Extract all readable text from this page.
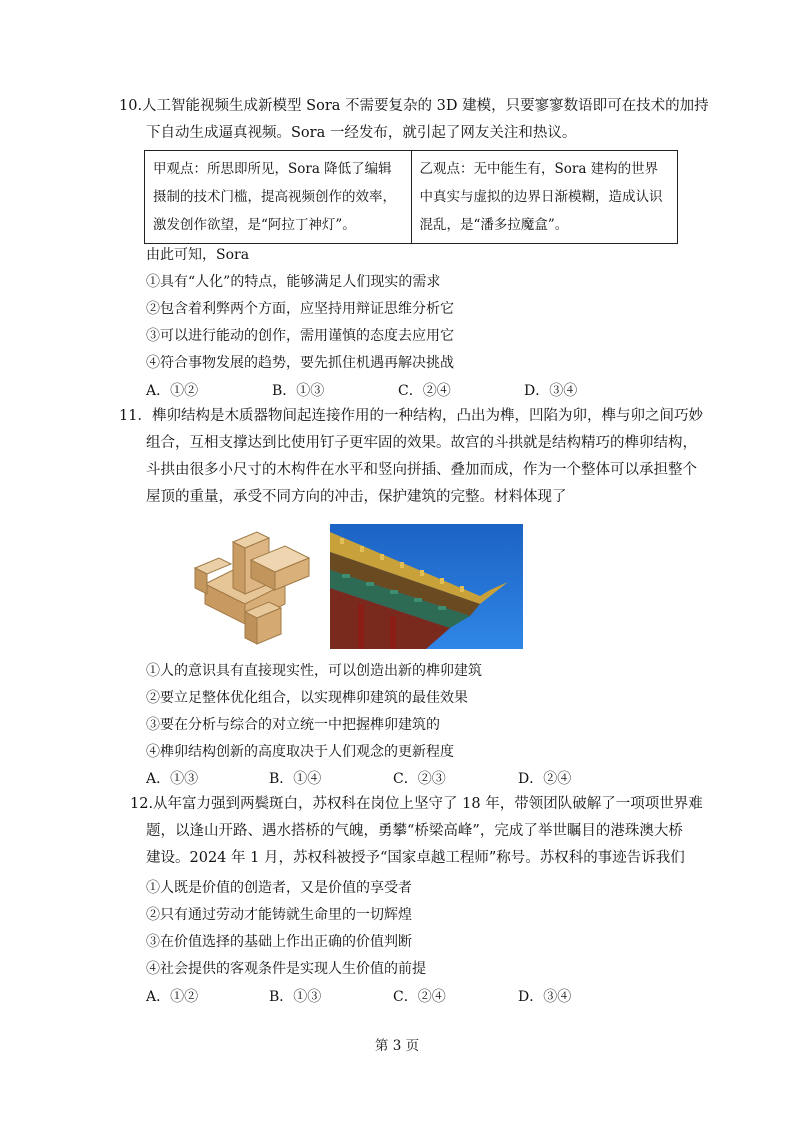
10.人工智能视频生成新模型 Sora 不需要复杂的 3D 建模，只要寥寥数语即可在技术的加持
下自动生成逼真视频。Sora 一经发布，就引起了网友关注和热议。
甲观点：所思即所见，Sora 降低了编辑摄制的技术门槛，提高视频创作的效率，激发创作欲望，是“阿拉丁神灯”。	乙观点：无中能生有，Sora 建构的世界中真实与虚拟的边界日渐模糊，造成认识混乱，是“潘多拉魔盒”。
由此可知，Sora
①具有“人化”的特点，能够满足人们现实的需求
②包含着利弊两个方面，应坚持用辩证思维分析它
③可以进行能动的创作，需用谨慎的态度去应用它
④符合事物发展的趋势，要先抓住机遇再解决挑战
A．①②	B．①③	C．②④	D．③④
11．榫卯结构是木质器物间起连接作用的一种结构，凸出为榫，凹陷为卯，榫与卯之间巧妙
组合，互相支撑达到比使用钉子更牢固的效果。故宫的斗拱就是结构精巧的榫卯结构，
斗拱由很多小尺寸的木构件在水平和竖向拼插、叠加而成，作为一个整体可以承担整个
屋顶的重量，承受不同方向的冲击，保护建筑的完整。材料体现了
①人的意识具有直接现实性，可以创造出新的榫卯建筑
②要立足整体优化组合，以实现榫卯建筑的最佳效果
③要在分析与综合的对立统一中把握榫卯建筑的
④榫卯结构创新的高度取决于人们观念的更新程度
A．①③	B．①④	C．②③	D．②④
12.从年富力强到两鬓斑白，苏权科在岗位上坚守了 18 年，带领团队破解了一项项世界难
题，以逢山开路、遇水搭桥的气魄，勇攀“桥梁高峰”，完成了举世瞩目的港珠澳大桥
建设。2024 年 1 月，苏权科被授予“国家卓越工程师”称号。苏权科的事迹告诉我们
①人既是价值的创造者，又是价值的享受者
②只有通过劳动才能铸就生命里的一切辉煌
③在价值选择的基础上作出正确的价值判断
④社会提供的客观条件是实现人生价值的前提
A．①②	B．①③	C．②④	D．③④
第 3 页
